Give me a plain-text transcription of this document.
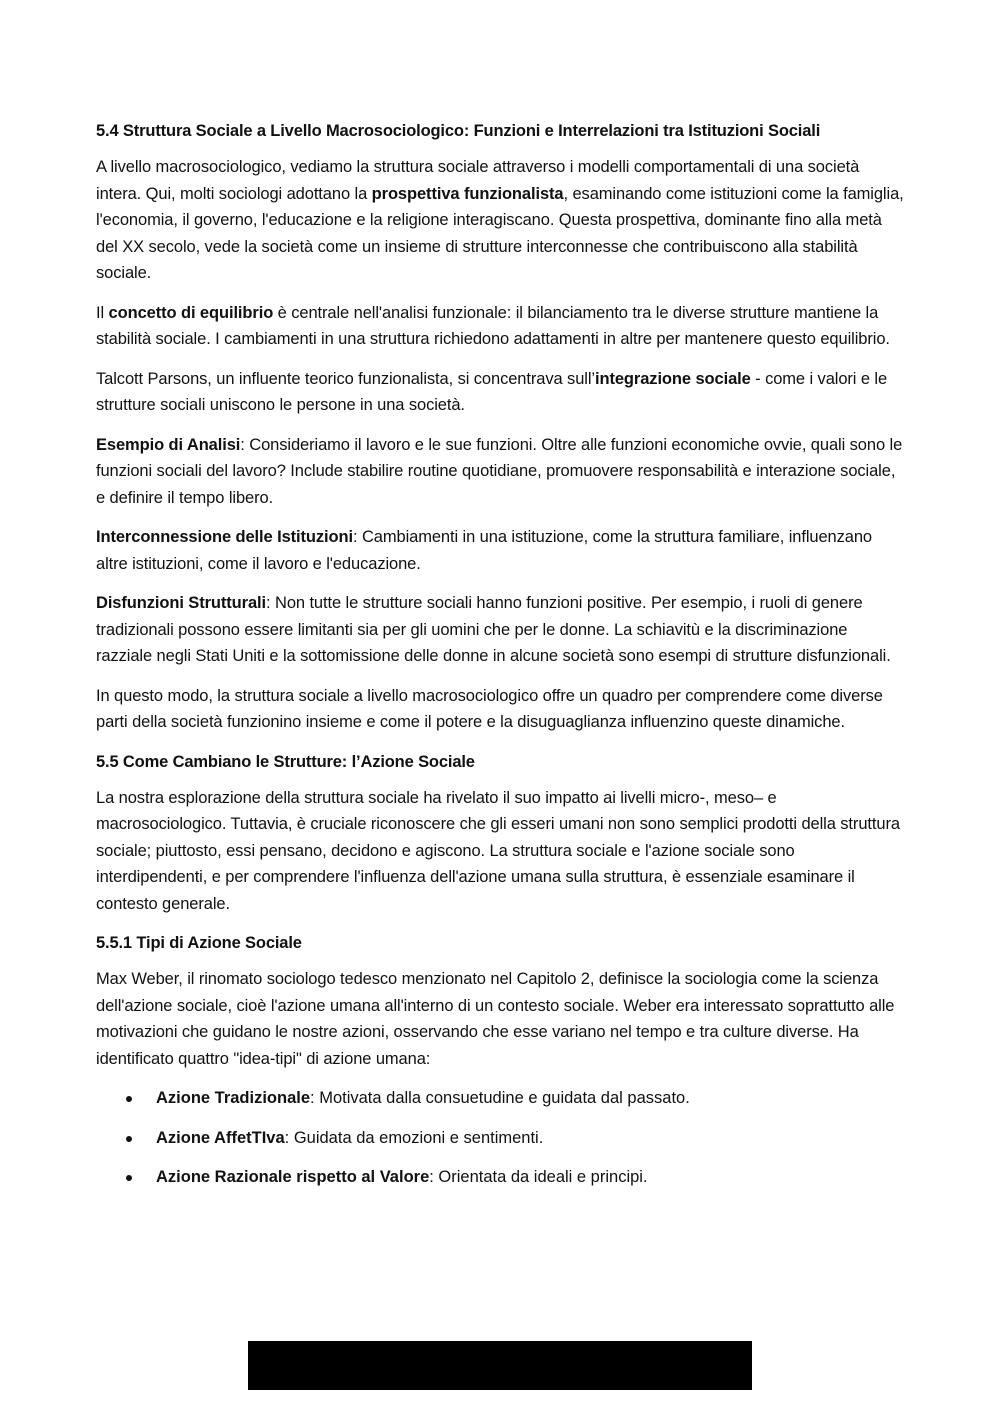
5.4 Struttura Sociale a Livello Macrosociologico: Funzioni e Interrelazioni tra Istituzioni Sociali

A livello macrosociologico, vediamo la struttura sociale attraverso i modelli comportamentali di una società intera. Qui, molti sociologi adottano la prospettiva funzionalista, esaminando come istituzioni come la famiglia, l'economia, il governo, l'educazione e la religione interagiscano. Questa prospettiva, dominante fino alla metà del XX secolo, vede la società come un insieme di strutture interconnesse che contribuiscono alla stabilità sociale.

Il concetto di equilibrio è centrale nell'analisi funzionale: il bilanciamento tra le diverse strutture mantiene la stabilità sociale. I cambiamenti in una struttura richiedono adattamenti in altre per mantenere questo equilibrio.

Talcott Parsons, un influente teorico funzionalista, si concentrava sull’integrazione sociale - come i valori e le strutture sociali uniscono le persone in una società.

Esempio di Analisi: Consideriamo il lavoro e le sue funzioni. Oltre alle funzioni economiche ovvie, quali sono le funzioni sociali del lavoro? Include stabilire routine quotidiane, promuovere responsabilità e interazione sociale, e definire il tempo libero.

Interconnessione delle Istituzioni: Cambiamenti in una istituzione, come la struttura familiare, influenzano altre istituzioni, come il lavoro e l'educazione.

Disfunzioni Strutturali: Non tutte le strutture sociali hanno funzioni positive. Per esempio, i ruoli di genere tradizionali possono essere limitanti sia per gli uomini che per le donne. La schiavitù e la discriminazione razziale negli Stati Uniti e la sottomissione delle donne in alcune società sono esempi di strutture disfunzionali.

In questo modo, la struttura sociale a livello macrosociologico offre un quadro per comprendere come diverse parti della società funzionino insieme e come il potere e la disuguaglianza influenzino queste dinamiche.

5.5 Come Cambiano le Strutture: l’Azione Sociale

La nostra esplorazione della struttura sociale ha rivelato il suo impatto ai livelli micro-, meso– e macrosociologico. Tuttavia, è cruciale riconoscere che gli esseri umani non sono semplici prodotti della struttura sociale; piuttosto, essi pensano, decidono e agiscono. La struttura sociale e l'azione sociale sono interdipendenti, e per comprendere l'influenza dell'azione umana sulla struttura, è essenziale esaminare il contesto generale.

5.5.1 Tipi di Azione Sociale

Max Weber, il rinomato sociologo tedesco menzionato nel Capitolo 2, definisce la sociologia come la scienza dell'azione sociale, cioè l'azione umana all'interno di un contesto sociale. Weber era interessato soprattutto alle motivazioni che guidano le nostre azioni, osservando che esse variano nel tempo e tra culture diverse. Ha identificato quattro "idea-tipi" di azione umana:

Azione Tradizionale: Motivata dalla consuetudine e guidata dal passato.
Azione AffetTIva: Guidata da emozioni e sentimenti.
Azione Razionale rispetto al Valore: Orientata da ideali e principi.
